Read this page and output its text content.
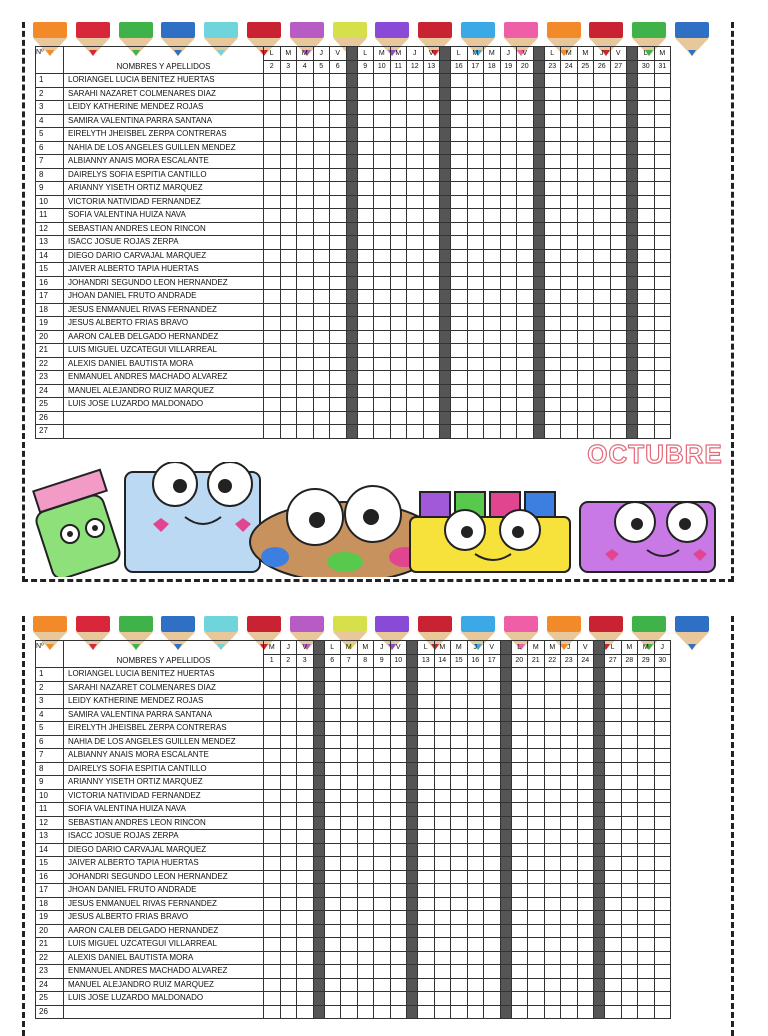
Nº	NOMBRES Y APELLIDOS	L	M	M	J	V		L	M	M	J	V		L	M	M	J	V		L	M	M	J	V		L	M
		2	3	4	5	6		9	10	11	12	13		16	17	18	19	20		23	24	25	26	27		30	31
1	LORIANGEL LUCIA BENITEZ HUERTAS																										
2	SARAHI NAZARET COLMENARES DIAZ																										
3	LEIDY KATHERINE MENDEZ ROJAS																										
4	SAMIRA VALENTINA PARRA SANTANA																										
5	EIRELYTH JHEISBEL ZERPA CONTRERAS																										
6	NAHIA DE LOS ANGELES GUILLEN MENDEZ																										
7	ALBIANNY ANAIS MORA ESCALANTE																										
8	DAIRELYS SOFIA ESPITIA CANTILLO																										
9	ARIANNY YISETH ORTIZ MARQUEZ																										
10	VICTORIA NATIVIDAD FERNANDEZ																										
11	SOFIA VALENTINA HUIZA NAVA																										
12	SEBASTIAN ANDRES LEON RINCON																										
13	ISACC JOSUE ROJAS ZERPA																										
14	DIEGO DARIO CARVAJAL MARQUEZ																										
15	JAIVER ALBERTO TAPIA HUERTAS																										
16	JOHANDRI SEGUNDO LEON HERNANDEZ																										
17	JHOAN DANIEL FRUTO ANDRADE																										
18	JESUS ENMANUEL RIVAS FERNANDEZ																										
19	JESUS ALBERTO FRIAS BRAVO																										
20	AARON CALEB DELGADO HERNANDEZ																										
21	LUIS MIGUEL UZCATEGUI VILLARREAL																										
22	ALEXIS DANIEL BAUTISTA MORA																										
23	ENMANUEL ANDRES MACHADO ALVAREZ																										
24	MANUEL ALEJANDRO RUIZ MARQUEZ																										
25	LUIS JOSE LUZARDO MALDONADO																										
26																											
27																											
OCTUBRE
Nº	NOMBRES Y APELLIDOS	M	J	V		L	M	M	J	V		L	M	M	J	V		L	M	M	J	V		L	M	M	J
		1	2	3		6	7	8	9	10		13	14	15	16	17		20	21	22	23	24		27	28	29	30
1	LORIANGEL LUCIA BENITEZ HUERTAS																										
2	SARAHI NAZARET COLMENARES DIAZ																										
3	LEIDY KATHERINE MENDEZ ROJAS																										
4	SAMIRA VALENTINA PARRA SANTANA																										
5	EIRELYTH JHEISBEL ZERPA CONTRERAS																										
6	NAHIA DE LOS ANGELES GUILLEN MENDEZ																										
7	ALBIANNY ANAIS MORA ESCALANTE																										
8	DAIRELYS SOFIA ESPITIA CANTILLO																										
9	ARIANNY YISETH ORTIZ MARQUEZ																										
10	VICTORIA NATIVIDAD FERNANDEZ																										
11	SOFIA VALENTINA HUIZA NAVA																										
12	SEBASTIAN ANDRES LEON RINCON																										
13	ISACC JOSUE ROJAS ZERPA																										
14	DIEGO DARIO CARVAJAL MARQUEZ																										
15	JAIVER ALBERTO TAPIA HUERTAS																										
16	JOHANDRI SEGUNDO LEON HERNANDEZ																										
17	JHOAN DANIEL FRUTO ANDRADE																										
18	JESUS ENMANUEL RIVAS FERNANDEZ																										
19	JESUS ALBERTO FRIAS BRAVO																										
20	AARON CALEB DELGADO HERNANDEZ																										
21	LUIS MIGUEL UZCATEGUI VILLARREAL																										
22	ALEXIS DANIEL BAUTISTA MORA																										
23	ENMANUEL ANDRES MACHADO ALVAREZ																										
24	MANUEL ALEJANDRO RUIZ MARQUEZ																										
25	LUIS JOSE LUZARDO MALDONADO																										
26																											
